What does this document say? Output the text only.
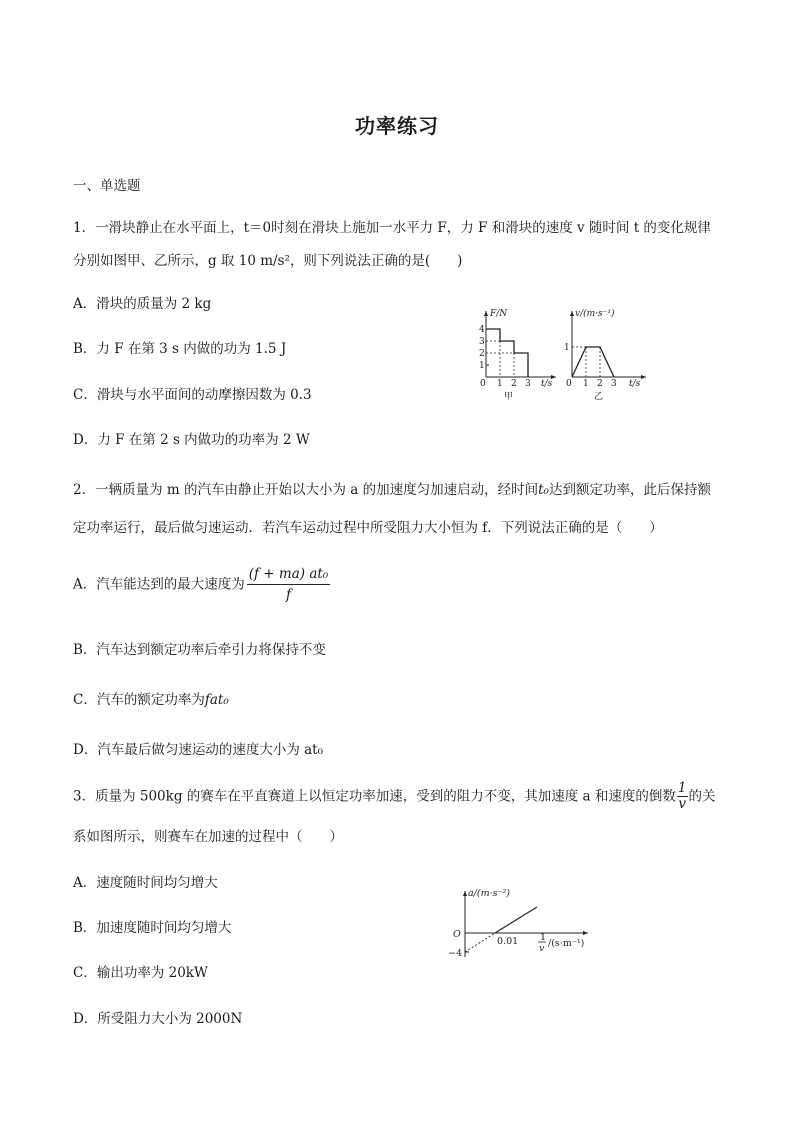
功率练习
一、单选题
1．一滑块静止在水平面上，t＝0时刻在滑块上施加一水平力 F，力 F 和滑块的速度 v 随时间 t 的变化规律
分别如图甲、乙所示，g 取 10 m/s²，则下列说法正确的是(　　)
A．滑块的质量为 2 kg
B．力 F 在第 3 s 内做的功为 1.5 J
C．滑块与水平面间的动摩擦因数为 0.3
D．力 F 在第 2 s 内做功的功率为 2 W
F/N
4
3
2
1
0 1 2 3 t/s
甲
v/(m·s⁻¹)
1
0 1 2 3 t/s
乙
2．一辆质量为 m 的汽车由静止开始以大小为 a 的加速度匀加速启动，经时间t₀达到额定功率，此后保持额
定功率运行，最后做匀速运动．若汽车运动过程中所受阻力大小恒为 f．下列说法正确的是（　　）
A．汽车能达到的最大速度为 $\frac{\text{(f + ma) at₀}}{f}$
B．汽车达到额定功率后牵引力将保持不变
C．汽车的额定功率为fat₀
D．汽车最后做匀速运动的速度大小为 at₀
3．质量为 500kg 的赛车在平直赛道上以恒定功率加速，受到的阻力不变，其加速度 a 和速度的倒数 $\frac{1}{v}$ 的关
系如图所示，则赛车在加速的过程中（　　）
A．速度随时间均匀增大
B．加速度随时间均匀增大
C．输出功率为 20kW
D．所受阻力大小为 2000N
a/(m·s⁻²)
O
−4
0.01 1
v /(s·m⁻¹)
